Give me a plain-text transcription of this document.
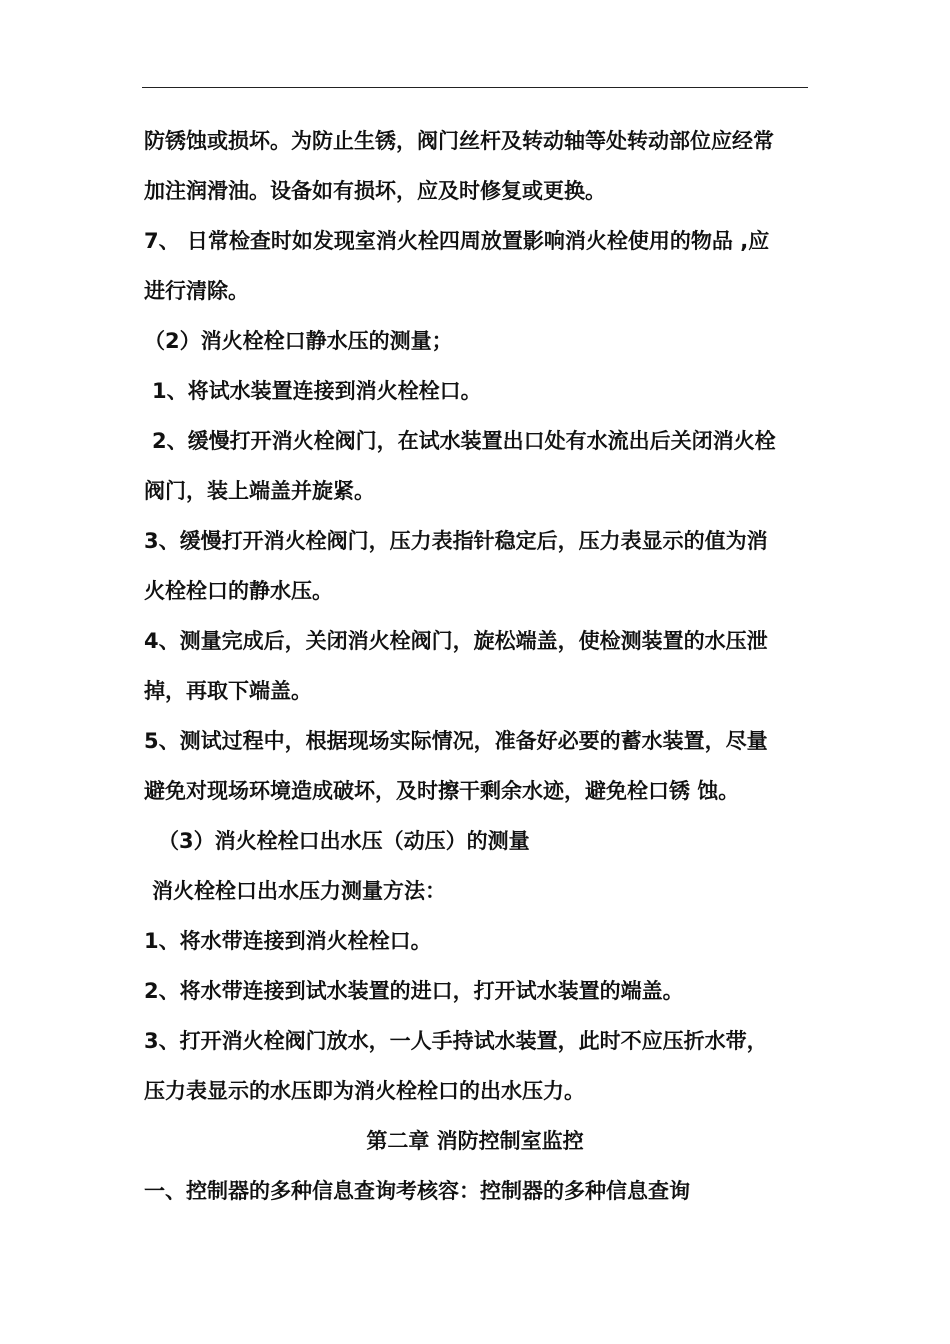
防锈蚀或损坏。为防止生锈，阀门丝杆及转动轴等处转动部位应经常
加注润滑油。设备如有损坏，应及时修复或更换。
7、 日常检查时如发现室消火栓四周放置影响消火栓使用的物品 ,应
进行清除。
（2）消火栓栓口静水压的测量；
1、将试水装置连接到消火栓栓口。
2、缓慢打开消火栓阀门，在试水装置出口处有水流出后关闭消火栓
阀门，装上端盖并旋紧。
3、缓慢打开消火栓阀门，压力表指针稳定后，压力表显示的值为消
火栓栓口的静水压。
4、测量完成后，关闭消火栓阀门，旋松端盖，使检测装置的水压泄
掉，再取下端盖。
5、测试过程中，根据现场实际情况，准备好必要的蓄水装置，尽量
避免对现场环境造成破坏，及时擦干剩余水迹，避免栓口锈 蚀。
（3）消火栓栓口出水压（动压）的测量
消火栓栓口出水压力测量方法：
1、将水带连接到消火栓栓口。
2、将水带连接到试水装置的进口，打开试水装置的端盖。
3、打开消火栓阀门放水，一人手持试水装置，此时不应压折水带，
压力表显示的水压即为消火栓栓口的出水压力。
第二章 消防控制室监控
一、控制器的多种信息查询考核容：控制器的多种信息查询
